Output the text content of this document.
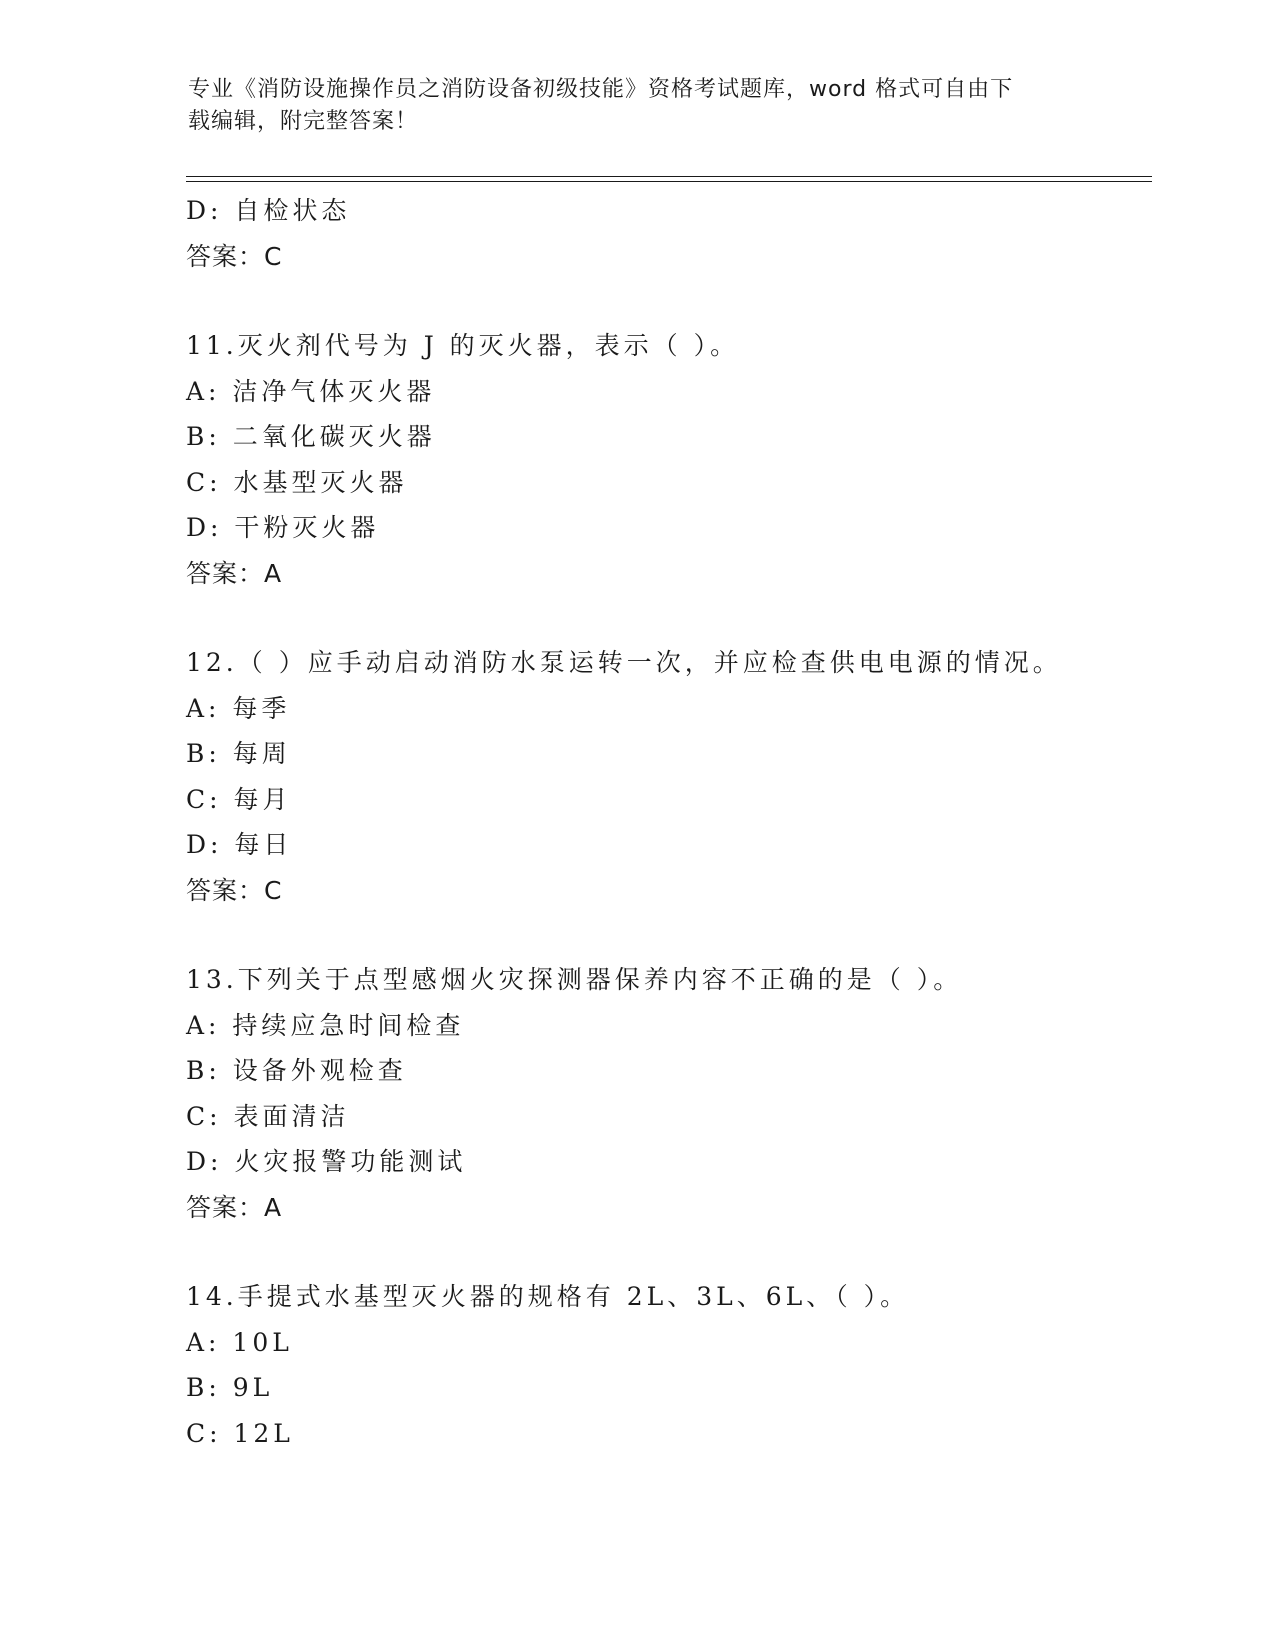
专业《消防设施操作员之消防设备初级技能》资格考试题库，word 格式可自由下
载编辑，附完整答案！
D: 自检状态
答案：C
11.灭火剂代号为 J 的灭火器，表示（ ）。
A: 洁净气体灭火器
B: 二氧化碳灭火器
C: 水基型灭火器
D: 干粉灭火器
答案：A
12.（ ）应手动启动消防水泵运转一次，并应检查供电电源的情况。
A: 每季
B: 每周
C: 每月
D: 每日
答案：C
13.下列关于点型感烟火灾探测器保养内容不正确的是（ ）。
A: 持续应急时间检查
B: 设备外观检查
C: 表面清洁
D: 火灾报警功能测试
答案：A
14.手提式水基型灭火器的规格有 2L、3L、6L、（ ）。
A: 10L
B: 9L
C: 12L
